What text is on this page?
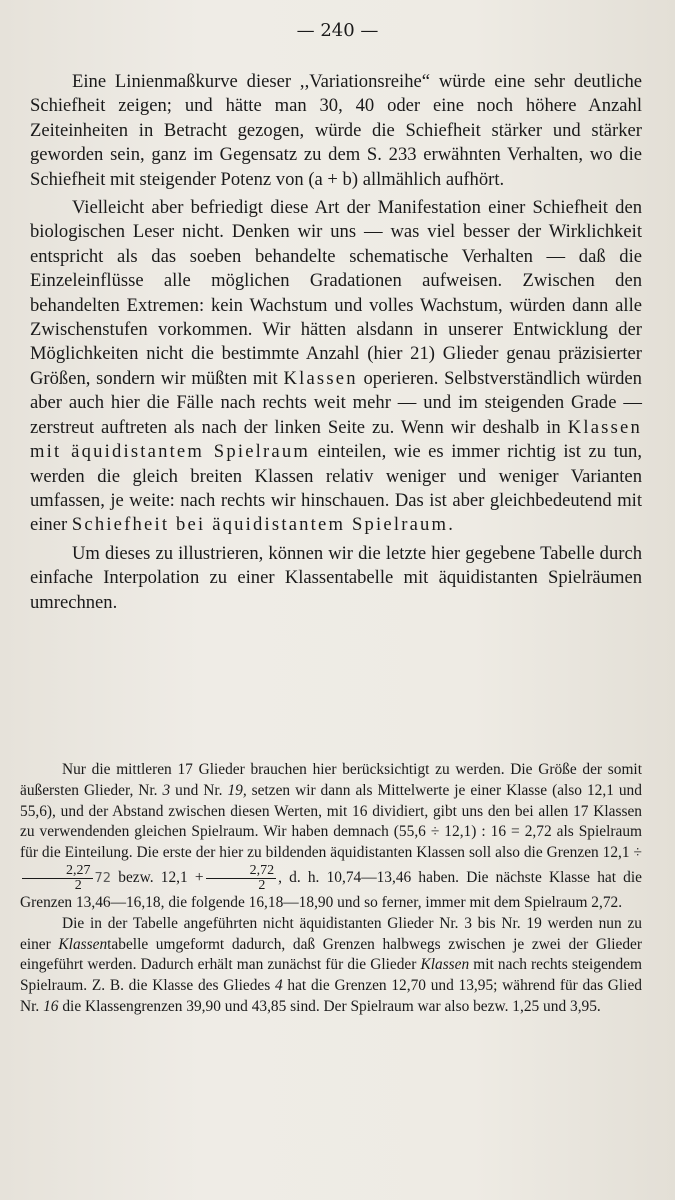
— 240 —

Eine Linienmaßkurve dieser ,,Variationsreihe“ würde eine sehr deutliche Schiefheit zeigen; und hätte man 30, 40 oder eine noch höhere Anzahl Zeiteinheiten in Betracht gezogen, würde die Schiefheit stärker und stärker geworden sein, ganz im Gegensatz zu dem S. 233 erwähnten Verhalten, wo die Schiefheit mit steigender Potenz von (a + b) allmählich aufhört.

Vielleicht aber befriedigt diese Art der Manifestation einer Schiefheit den biologischen Leser nicht. Denken wir uns — was viel besser der Wirklichkeit entspricht als das soeben behandelte schematische Verhalten — daß die Einzeleinflüsse alle möglichen Gradationen aufweisen. Zwischen den behandelten Extremen: kein Wachstum und volles Wachstum, würden dann alle Zwischenstufen vorkommen. Wir hätten alsdann in unserer Entwicklung der Möglichkeiten nicht die bestimmte Anzahl (hier 21) Glieder genau präzisierter Größen, sondern wir müßten mit Klassen operieren. Selbstverständlich würden aber auch hier die Fälle nach rechts weit mehr — und im steigenden Grade — zerstreut auftreten als nach der linken Seite zu. Wenn wir deshalb in Klassen mit äquidistantem Spielraum einteilen, wie es immer richtig ist zu tun, werden die gleich breiten Klassen relativ weniger und weniger Varianten umfassen, je weite: nach rechts wir hinschauen. Das ist aber gleichbedeutend mit einer Schiefheit bei äquidistantem Spielraum.

Um dieses zu illustrieren, können wir die letzte hier gegebene Tabelle durch einfache Interpolation zu einer Klassentabelle mit äquidistanten Spielräumen umrechnen.

Nur die mittleren 17 Glieder brauchen hier berücksichtigt zu werden. Die Größe der somit äußersten Glieder, Nr. 3 und Nr. 19, setzen wir dann als Mittelwerte je einer Klasse (also 12,1 und 55,6), und der Abstand zwischen diesen Werten, mit 16 dividiert, gibt uns den bei allen 17 Klassen zu verwendenden gleichen Spielraum. Wir haben demnach (55,6 ÷ 12,1) : 16 = 2,72 als Spielraum für die Einteilung. Die erste der hier zu bildenden äquidistanten Klassen soll also die Grenzen 12,1 ÷
$\frac{2,27}{2} 72$ bezw. $12,1 + \frac{2,72}{2}$ , d. h. 10,74—13,46 haben. Die nächste Klasse hat die Grenzen 13,46—16,18, die folgende 16,18—18,90 und so ferner, immer mit dem Spielraum 2,72.

Die in der Tabelle angeführten nicht äquidistanten Glieder Nr. 3 bis Nr. 19 werden nun zu einer Klassentabelle umgeformt dadurch, daß Grenzen halbwegs zwischen je zwei der Glieder eingeführt werden. Dadurch erhält man zunächst für die Glieder Klassen mit nach rechts steigendem Spielraum. Z. B. die Klasse des Gliedes 4 hat die Grenzen 12,70 und 13,95; während für das Glied Nr. 16 die Klassengrenzen 39,90 und 43,85 sind. Der Spielraum war also bezw. 1,25 und 3,95.
